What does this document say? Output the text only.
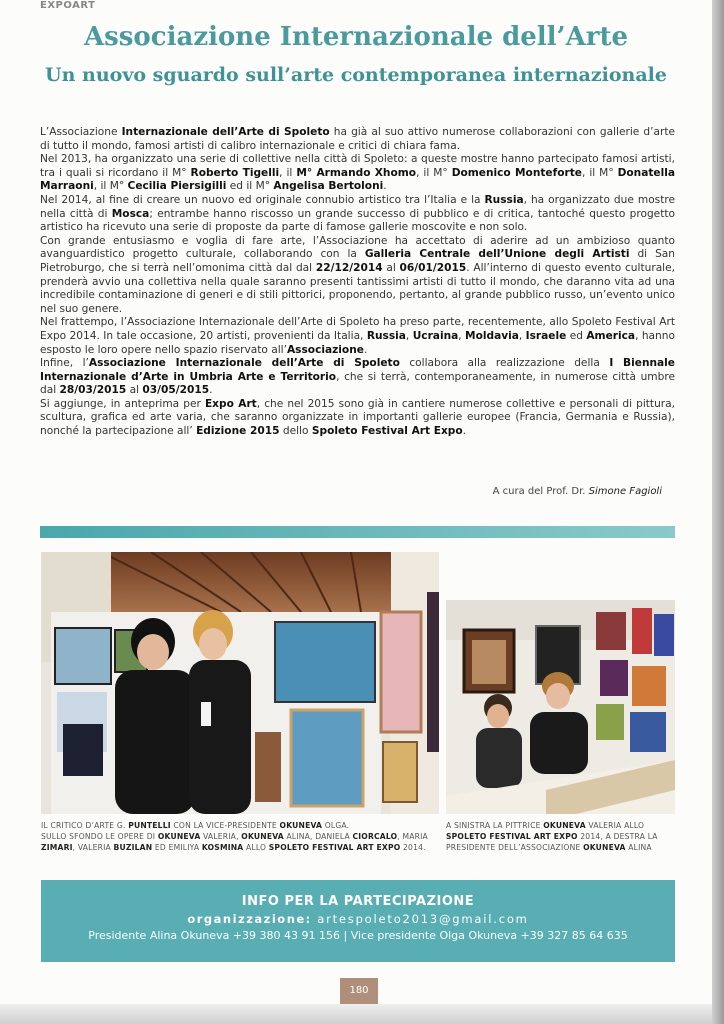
EXPOART
Associazione Internazionale dell’Arte
Un nuovo sguardo sull’arte contemporanea internazionale

L’Associazione Internazionale dell’Arte di Spoleto ha già al suo attivo numerose collaborazioni con gallerie d’arte di tutto il mondo, famosi artisti di calibro internazionale e critici di chiara fama.

Nel 2013, ha organizzato una serie di collettive nella città di Spoleto: a queste mostre hanno partecipato famosi artisti, tra i quali si ricordano il M° Roberto Tigelli, il M° Armando Xhomo, il M° Domenico Monteforte, il M° Donatella Marraoni, il M° Cecilia Piersigilli ed il M° Angelisa Bertoloni.

Nel 2014, al fine di creare un nuovo ed originale connubio artistico tra l’Italia e la Russia, ha organizzato due mostre nella città di Mosca; entrambe hanno riscosso un grande successo di pubblico e di critica, tantoché questo progetto artistico ha ricevuto una serie di proposte da parte di famose gallerie moscovite e non solo.

Con grande entusiasmo e voglia di fare arte, l’Associazione ha accettato di aderire ad un ambizioso quanto avanguardistico progetto culturale, collaborando con la Galleria Centrale dell’Unione degli Artisti di San Pietroburgo, che si terrà nell’omonima città dal dal 22/12/2014 al 06/01/2015. All’interno di questo evento culturale, prenderà avvio una collettiva nella quale saranno presenti tantissimi artisti di tutto il mondo, che daranno vita ad una incredibile contaminazione di generi e di stili pittorici, proponendo, pertanto, al grande pubblico russo, un’evento unico nel suo genere.

Nel frattempo, l’Associazione Internazionale dell’Arte di Spoleto ha preso parte, recentemente, allo Spoleto Festival Art Expo 2014. In tale occasione, 20 artisti, provenienti da Italia, Russia, Ucraina, Moldavia, Israele ed America, hanno esposto le loro opere nello spazio riservato all’Associazione.

Infine, l’Associazione Internazionale dell’Arte di Spoleto collabora alla realizzazione della I Biennale Internazionale d’Arte in Umbria Arte e Territorio, che si terrà, contemporaneamente, in numerose città umbre dal 28/03/2015 al 03/05/2015.

Si aggiunge, in anteprima per Expo Art, che nel 2015 sono già in cantiere numerose collettive e personali di pittura, scultura, grafica ed arte varia, che saranno organizzate in importanti gallerie europee (Francia, Germania e Russia), nonché la partecipazione all’ Edizione 2015 dello Spoleto Festival Art Expo.

A cura del Prof. Dr. Simone Fagioli
IL CRITICO D’ARTE G. PUNTELLI CON LA VICE-PRESIDENTE OKUNEVA OLGA.
SULLO SFONDO LE OPERE DI OKUNEVA VALERIA, OKUNEVA ALINA, DANIELA CIORCALO, MARIA ZIMARI, VALERIA BUZILAN ED EMILIYA KOSMINA ALLO SPOLETO FESTIVAL ART EXPO 2014.
A SINISTRA LA PITTRICE OKUNEVA VALERIA ALLO SPOLETO FESTIVAL ART EXPO 2014, A DESTRA LA PRESIDENTE DELL’ASSOCIAZIONE OKUNEVA ALINA
INFO PER LA PARTECIPAZIONE
organizzazione: artespoleto2013@gmail.com
Presidente Alina Okuneva +39 380 43 91 156 | Vice presidente Olga Okuneva +39 327 85 64 635
180
